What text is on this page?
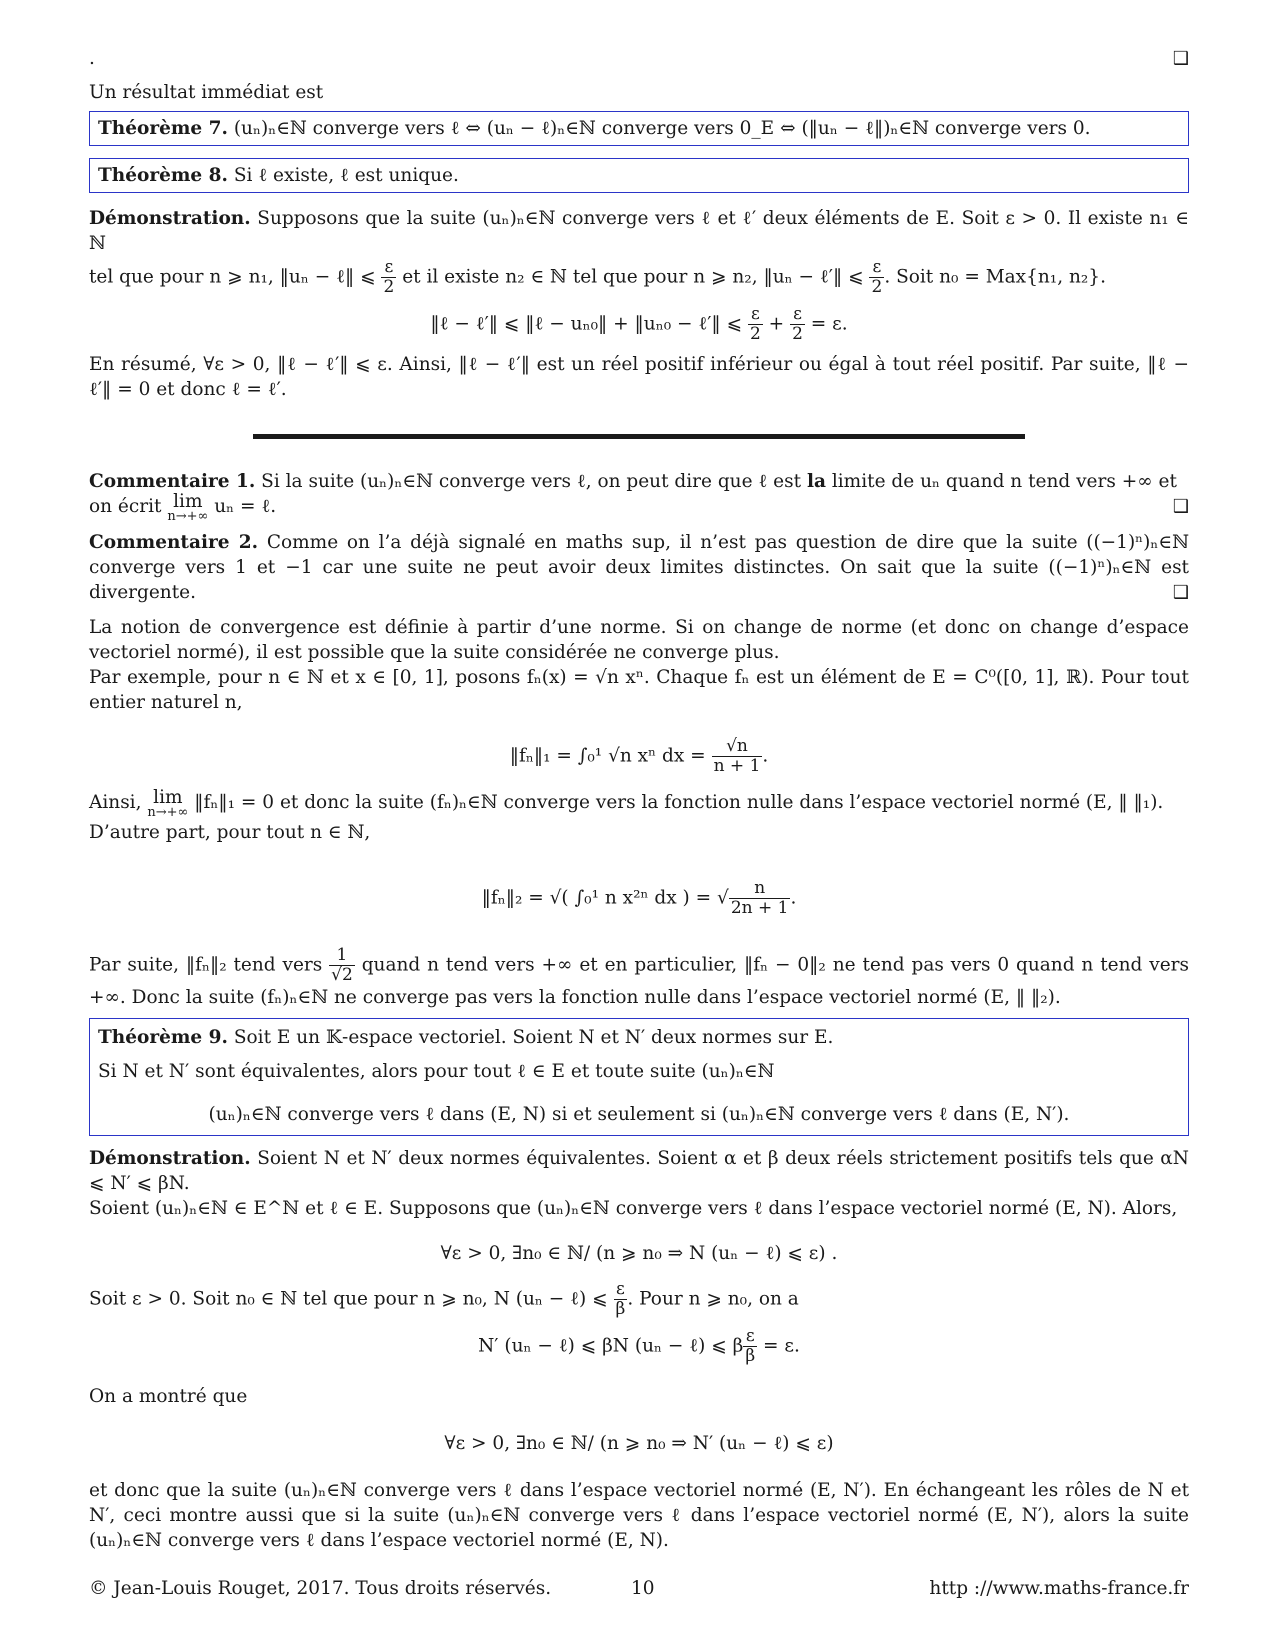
.	❑

Un résultat immédiat est

Théorème 7. (uₙ)ₙ∈ℕ converge vers ℓ ⇔ (uₙ − ℓ)ₙ∈ℕ converge vers 0_E ⇔ (‖uₙ − ℓ‖)ₙ∈ℕ converge vers 0.
Théorème 8. Si ℓ existe, ℓ est unique.

Démonstration. Supposons que la suite (uₙ)ₙ∈ℕ converge vers ℓ et ℓ′ deux éléments de E. Soit ε > 0. Il existe n₁ ∈ ℕ

tel que pour n ⩾ n₁, ‖uₙ − ℓ‖ ⩽ $\frac{\varepsilon}{2}$ et il existe n₂ ∈ ℕ tel que pour n ⩾ n₂, ‖uₙ − ℓ′‖ ⩽ $\frac{\varepsilon}{2}$ . Soit n₀ = Max{n₁, n₂}.

‖ℓ − ℓ′‖ ⩽ ‖ℓ − uₙ₀‖ + ‖uₙ₀ − ℓ′‖ ⩽ $\frac{\varepsilon}{2} + \frac{\varepsilon}{2} = \varepsilon$.

En résumé, ∀ε > 0, ‖ℓ − ℓ′‖ ⩽ ε. Ainsi, ‖ℓ − ℓ′‖ est un réel positif inférieur ou égal à tout réel positif. Par suite, ‖ℓ − ℓ′‖ = 0 et donc ℓ = ℓ′.

Commentaire 1. Si la suite (uₙ)ₙ∈ℕ converge vers ℓ, on peut dire que ℓ est la limite de uₙ quand n tend vers +∞ et

on écrit lim
n→+∞ uₙ = ℓ.	❑

Commentaire 2. Comme on l’a déjà signalé en maths sup, il n’est pas question de dire que la suite ((−1)ⁿ)ₙ∈ℕ converge vers 1 et −1 car une suite ne peut avoir deux limites distinctes. On sait que la suite ((−1)ⁿ)ₙ∈ℕ est divergente.	❑

La notion de convergence est définie à partir d’une norme. Si on change de norme (et donc on change d’espace vectoriel normé), il est possible que la suite considérée ne converge plus.

Par exemple, pour n ∈ ℕ et x ∈ [0, 1], posons fₙ(x) = √n xⁿ. Chaque fₙ est un élément de E = C⁰([0, 1], ℝ). Pour tout entier naturel n,

‖fₙ‖₁ = ∫₀¹ √n xⁿ dx = $\frac{√n}{n + 1}$ .

Ainsi, lim
n→+∞ ‖fₙ‖₁ = 0 et donc la suite (fₙ)ₙ∈ℕ converge vers la fonction nulle dans l’espace vectoriel normé (E, ‖ ‖₁).

D’autre part, pour tout n ∈ ℕ,

‖fₙ‖₂ = √( ∫₀¹ n x²ⁿ dx ) = √ $\frac{n}{2n + 1}$ .

Par suite, ‖fₙ‖₂ tend vers $\frac{1}{√2}$ quand n tend vers +∞ et en particulier, ‖fₙ − 0‖₂ ne tend pas vers 0 quand n tend vers +∞. Donc la suite (fₙ)ₙ∈ℕ ne converge pas vers la fonction nulle dans l’espace vectoriel normé (E, ‖ ‖₂).

Théorème 9. Soit E un 𝕂-espace vectoriel. Soient N et N′ deux normes sur E.

Si N et N′ sont équivalentes, alors pour tout ℓ ∈ E et toute suite (uₙ)ₙ∈ℕ

(uₙ)ₙ∈ℕ converge vers ℓ dans (E, N) si et seulement si (uₙ)ₙ∈ℕ converge vers ℓ dans (E, N′).

Démonstration. Soient N et N′ deux normes équivalentes. Soient α et β deux réels strictement positifs tels que αN ⩽ N′ ⩽ βN.

Soient (uₙ)ₙ∈ℕ ∈ E^ℕ et ℓ ∈ E. Supposons que (uₙ)ₙ∈ℕ converge vers ℓ dans l’espace vectoriel normé (E, N). Alors,

∀ε > 0, ∃n₀ ∈ ℕ/ (n ⩾ n₀ ⇒ N (uₙ − ℓ) ⩽ ε) .

Soit ε > 0. Soit n₀ ∈ ℕ tel que pour n ⩾ n₀, N (uₙ − ℓ) ⩽ $\frac{\varepsilon}{\beta}$ . Pour n ⩾ n₀, on a

N′ (uₙ − ℓ) ⩽ βN (uₙ − ℓ) ⩽ β $\frac{\varepsilon}{\beta} = \varepsilon$.

On a montré que

∀ε > 0, ∃n₀ ∈ ℕ/ (n ⩾ n₀ ⇒ N′ (uₙ − ℓ) ⩽ ε)

et donc que la suite (uₙ)ₙ∈ℕ converge vers ℓ dans l’espace vectoriel normé (E, N′). En échangeant les rôles de N et N′, ceci montre aussi que si la suite (uₙ)ₙ∈ℕ converge vers ℓ dans l’espace vectoriel normé (E, N′), alors la suite (uₙ)ₙ∈ℕ converge vers ℓ dans l’espace vectoriel normé (E, N).

© Jean-Louis Rouget, 2017. Tous droits réservés.	10	http ://www.maths-france.fr
